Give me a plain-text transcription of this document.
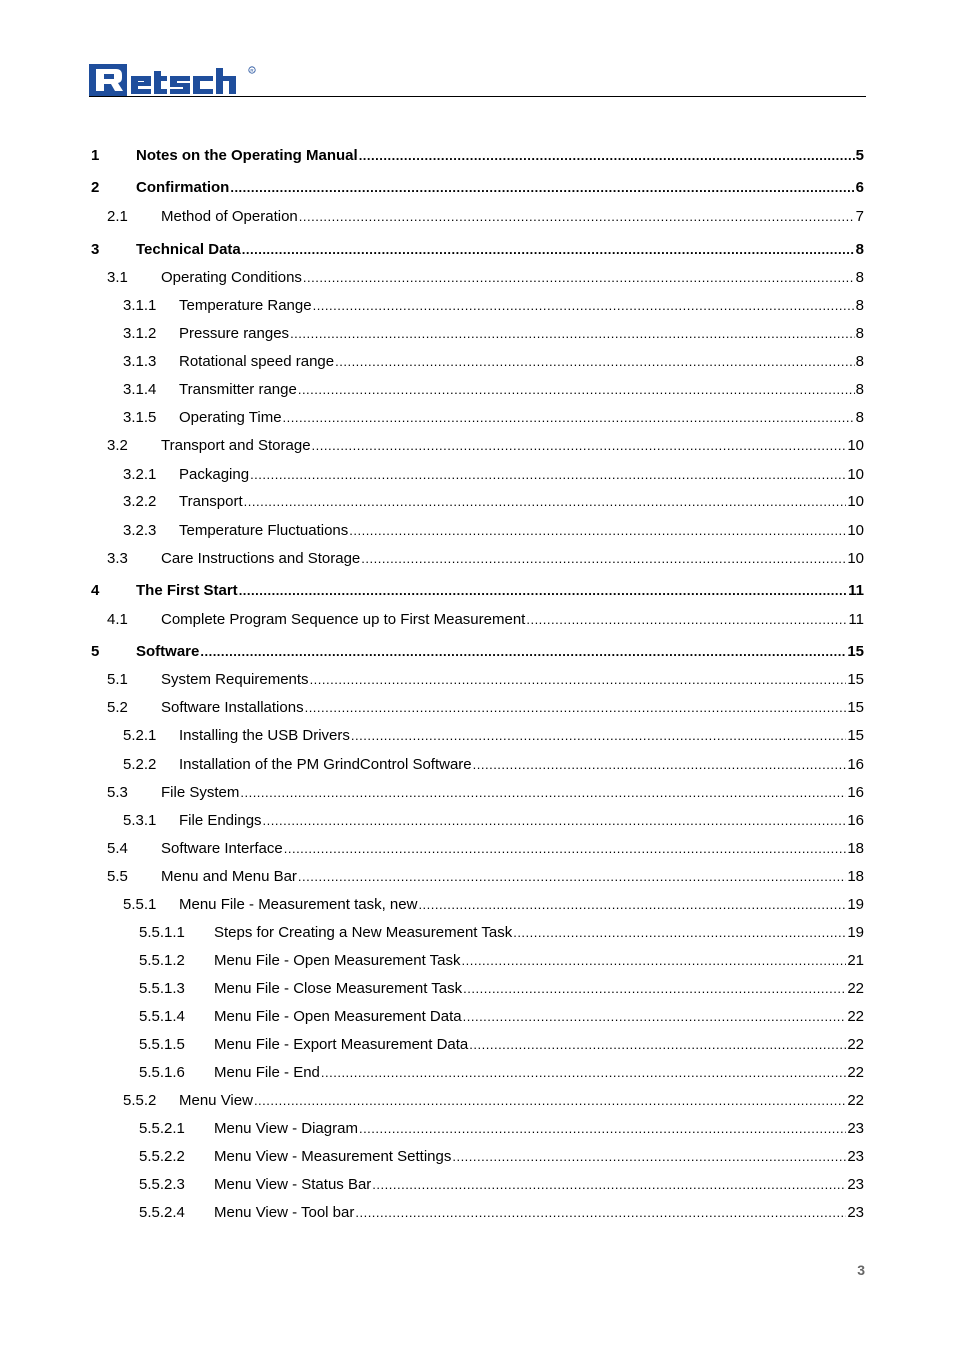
R
1 Notes on the Operating Manual .....	5
2 Confirmation .....	6
2.1 Method of Operation .....	7
3 Technical Data .....	8
3.1 Operating Conditions .....	8
3.1.1 Temperature Range .....	8
3.1.2 Pressure ranges .....	8
3.1.3 Rotational speed range .....	8
3.1.4 Transmitter range .....	8
3.1.5 Operating Time .....	8
3.2 Transport and Storage .....	10
3.2.1 Packaging .....	10
3.2.2 Transport .....	10
3.2.3 Temperature Fluctuations .....	10
3.3 Care Instructions and Storage .....	10
4 The First Start .....	11
4.1 Complete Program Sequence up to First Measurement .....	11
5 Software .....	15
5.1 System Requirements .....	15
5.2 Software Installations .....	15
5.2.1 Installing the USB Drivers .....	15
5.2.2 Installation of the PM GrindControl Software .....	16
5.3 File System .....	16
5.3.1 File Endings .....	16
5.4 Software Interface .....	18
5.5 Menu and Menu Bar .....	18
5.5.1 Menu File - Measurement task, new .....	19
5.5.1.1 Steps for Creating a New Measurement Task .....	19
5.5.1.2 Menu File - Open Measurement Task .....	21
5.5.1.3 Menu File - Close Measurement Task .....	22
5.5.1.4 Menu File - Open Measurement Data .....	22
5.5.1.5 Menu File - Export Measurement Data .....	22
5.5.1.6 Menu File - End .....	22
5.5.2 Menu View .....	22
5.5.2.1 Menu View - Diagram .....	23
5.5.2.2 Menu View - Measurement Settings .....	23
5.5.2.3 Menu View - Status Bar .....	23
5.5.2.4 Menu View - Tool bar .....	23
3
